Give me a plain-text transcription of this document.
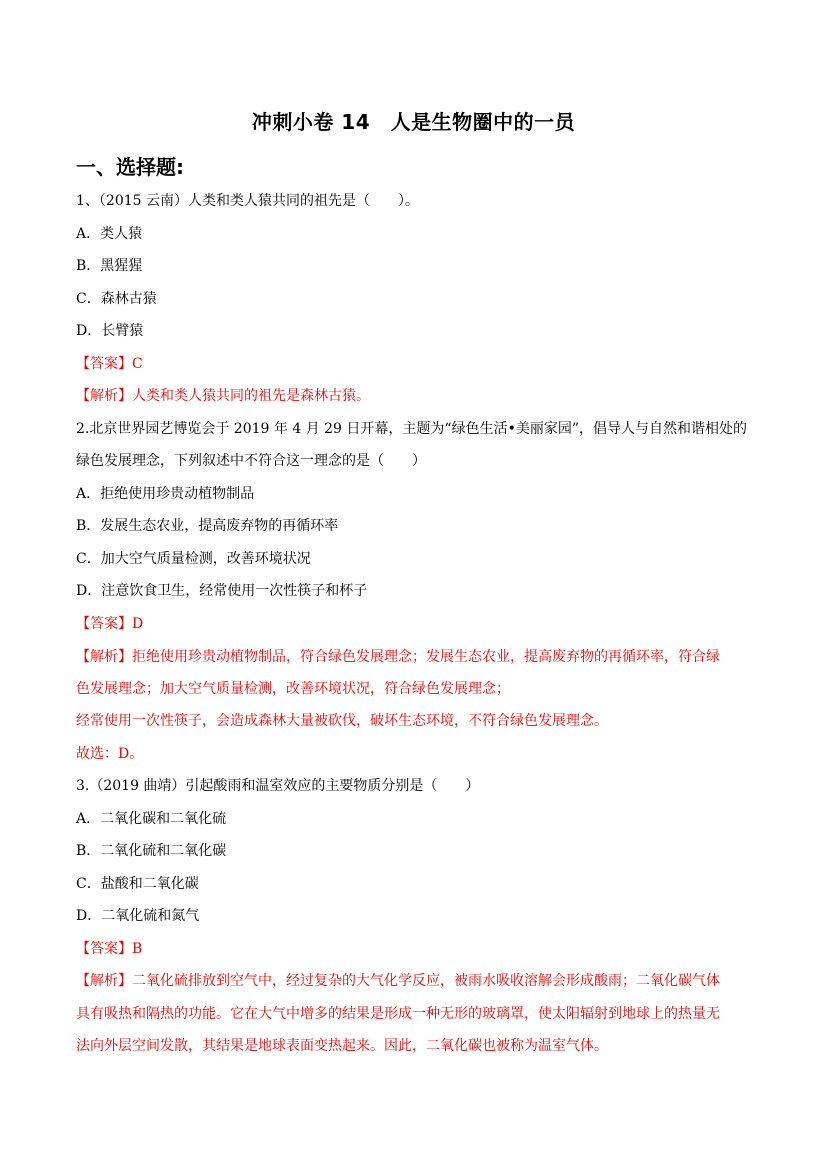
冲刺小卷 14　人是生物圈中的一员
一、选择题:
1、（2015 云南）人类和类人猿共同的祖先是（　　）。
A．类人猿
B．黑猩猩
C．森林古猿
D．长臂猿
【答案】C
【解析】人类和类人猿共同的祖先是森林古猿。
2.北京世界园艺博览会于 2019 年 4 月 29 日开幕，主题为“绿色生活•美丽家园”，倡导人与自然和谐相处的
绿色发展理念，下列叙述中不符合这一理念的是（　　）
A．拒绝使用珍贵动植物制品
B．发展生态农业，提高废弃物的再循环率
C．加大空气质量检测，改善环境状况
D．注意饮食卫生，经常使用一次性筷子和杯子
【答案】D
【解析】拒绝使用珍贵动植物制品，符合绿色发展理念；发展生态农业，提高废弃物的再循环率，符合绿
色发展理念；加大空气质量检测，改善环境状况，符合绿色发展理念；
经常使用一次性筷子，会造成森林大量被砍伐，破坏生态环境，不符合绿色发展理念。
故选：D。
3.（2019 曲靖）引起酸雨和温室效应的主要物质分别是（　　）
A．二氧化碳和二氧化硫
B．二氧化硫和二氧化碳
C．盐酸和二氧化碳
D．二氧化硫和氮气
【答案】B
【解析】二氧化硫排放到空气中，经过复杂的大气化学反应，被雨水吸收溶解会形成酸雨；二氧化碳气体
具有吸热和隔热的功能。它在大气中增多的结果是形成一种无形的玻璃罩，使太阳辐射到地球上的热量无
法向外层空间发散，其结果是地球表面变热起来。因此，二氧化碳也被称为温室气体。
